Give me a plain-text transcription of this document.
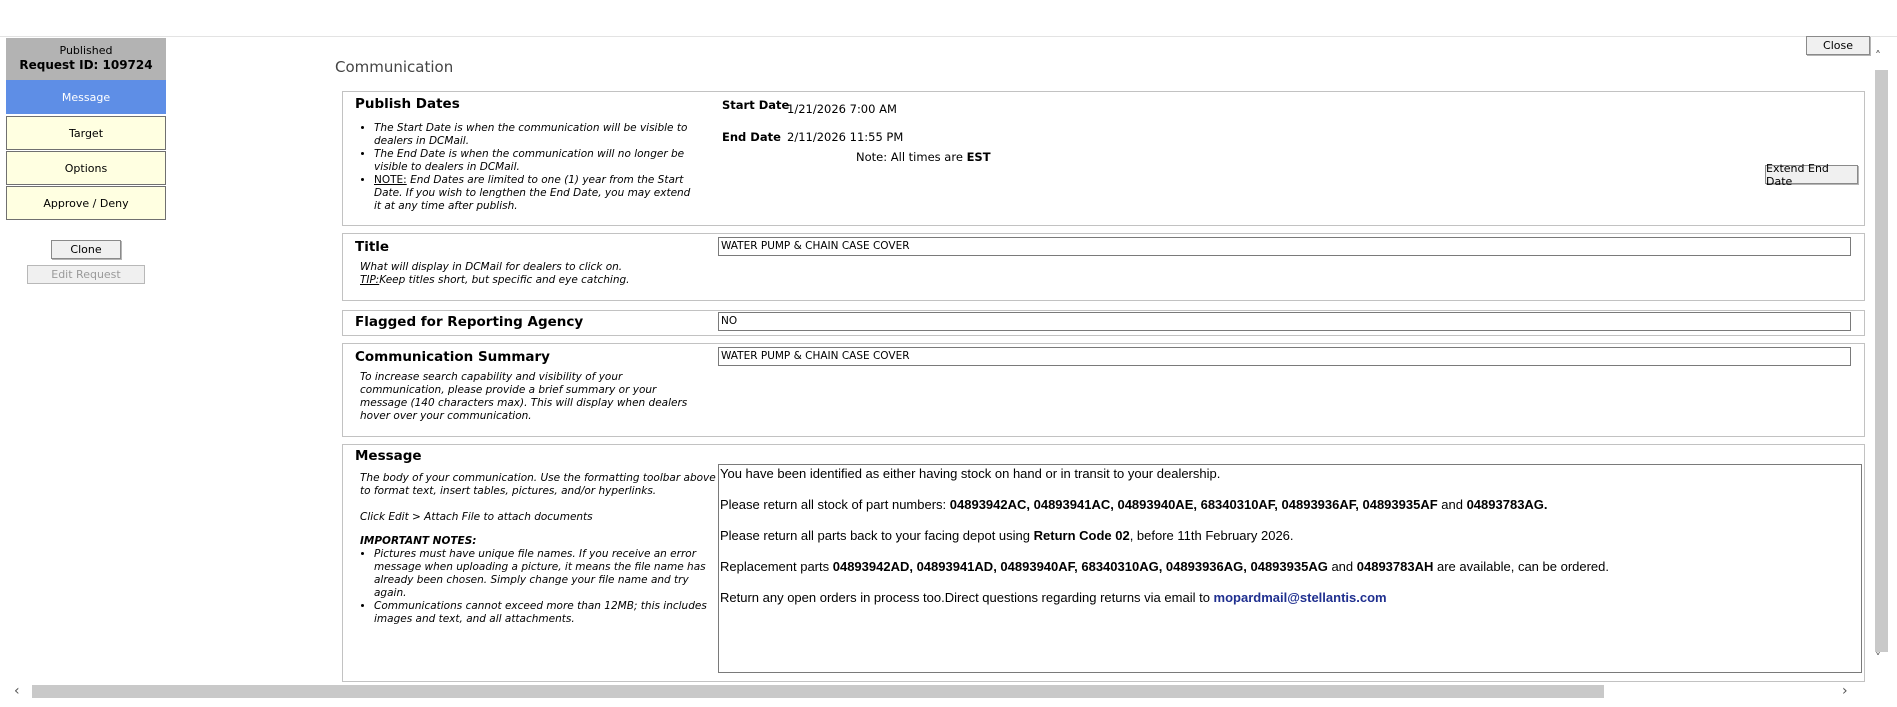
Published
Request ID: 109724
Message
Target
Options
Approve / Deny
Clone
Edit Request
Close
Communication
Publish Dates
• The Start Date is when the communication will be visible to dealers in DCMail.
• The End Date is when the communication will no longer be visible to dealers in DCMail.
• NOTE: End Dates are limited to one (1) year from the Start Date. If you wish to lengthen the End Date, you may extend it at any time after publish.
Start Date
1/21/2026 7:00 AM
End Date 2/11/2026 11:55 PM
Note: All times are EST
Extend End Date
Title
What will display in DCMail for dealers to click on.
TIP:Keep titles short, but specific and eye catching.
WATER PUMP & CHAIN CASE COVER
Flagged for Reporting Agency	NO
Communication Summary
To increase search capability and visibility of your communication, please provide a brief summary or your message (140 characters max). This will display when dealers hover over your communication.
WATER PUMP & CHAIN CASE COVER
Message
The body of your communication. Use the formatting toolbar above to format text, insert tables, pictures, and/or hyperlinks.
Click Edit > Attach File to attach documents
IMPORTANT NOTES:
• Pictures must have unique file names. If you receive an error message when uploading a picture, it means the file name has already been chosen. Simply change your file name and try again.
• Communications cannot exceed more than 12MB; this includes images and text, and all attachments.

You have been identified as either having stock on hand or in transit to your dealership.

Please return all stock of part numbers: 04893942AC, 04893941AC, 04893940AE, 68340310AF, 04893936AF, 04893935AF and 04893783AG.

Please return all parts back to your facing depot using Return Code 02, before 11th February 2026.

Replacement parts 04893942AD, 04893941AD, 04893940AF, 68340310AG, 04893936AG, 04893935AG and 04893783AH are available, can be ordered.

Return any open orders in process too.Direct questions regarding returns via email to mopardmail@stellantis.com

˄
˅
‹	›
